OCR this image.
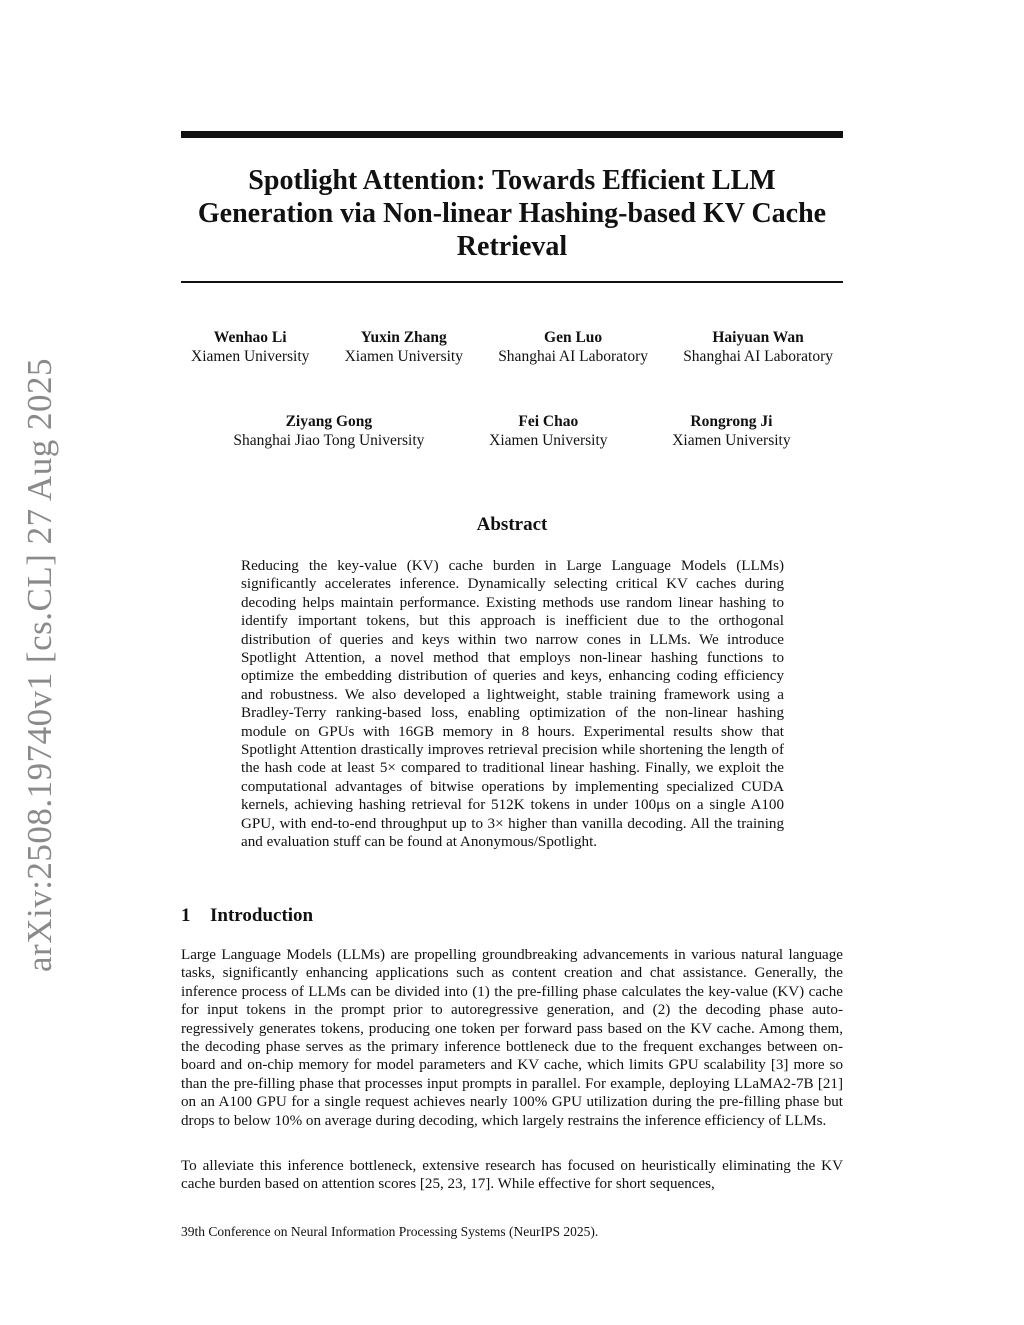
arXiv:2508.19740v1 [cs.CL] 27 Aug 2025
Spotlight Attention: Towards Efficient LLM
Generation via Non-linear Hashing-based KV Cache
Retrieval
Wenhao Li
Xiamen University
Yuxin Zhang
Xiamen University
Gen Luo
Shanghai AI Laboratory
Haiyuan Wan
Shanghai AI Laboratory
Ziyang Gong
Shanghai Jiao Tong University
Fei Chao
Xiamen University
Rongrong Ji
Xiamen University
Abstract
Reducing the key-value (KV) cache burden in Large Language Models (LLMs) significantly accelerates inference. Dynamically selecting critical KV caches during decoding helps maintain performance. Existing methods use random linear hashing to identify important tokens, but this approach is inefficient due to the orthogonal distribution of queries and keys within two narrow cones in LLMs. We introduce Spotlight Attention, a novel method that employs non-linear hashing functions to optimize the embedding distribution of queries and keys, enhancing coding efficiency and robustness. We also developed a lightweight, stable training framework using a Bradley-Terry ranking-based loss, enabling optimization of the non-linear hashing module on GPUs with 16GB memory in 8 hours. Experimental results show that Spotlight Attention drastically improves retrieval precision while shortening the length of the hash code at least 5× compared to traditional linear hashing. Finally, we exploit the computational advantages of bitwise operations by implementing specialized CUDA kernels, achieving hashing retrieval for 512K tokens in under 100μs on a single A100 GPU, with end-to-end throughput up to 3× higher than vanilla decoding. All the training and evaluation stuff can be found at Anonymous/Spotlight.
1 Introduction
Large Language Models (LLMs) are propelling groundbreaking advancements in various natural language tasks, significantly enhancing applications such as content creation and chat assistance. Generally, the inference process of LLMs can be divided into (1) the pre-filling phase calculates the key-value (KV) cache for input tokens in the prompt prior to autoregressive generation, and (2) the decoding phase auto-regressively generates tokens, producing one token per forward pass based on the KV cache. Among them, the decoding phase serves as the primary inference bottleneck due to the frequent exchanges between on-board and on-chip memory for model parameters and KV cache, which limits GPU scalability [3] more so than the pre-filling phase that processes input prompts in parallel. For example, deploying LLaMA2-7B [21] on an A100 GPU for a single request achieves nearly 100% GPU utilization during the pre-filling phase but drops to below 10% on average during decoding, which largely restrains the inference efficiency of LLMs.
To alleviate this inference bottleneck, extensive research has focused on heuristically eliminating the KV cache burden based on attention scores [25, 23, 17]. While effective for short sequences,
39th Conference on Neural Information Processing Systems (NeurIPS 2025).
